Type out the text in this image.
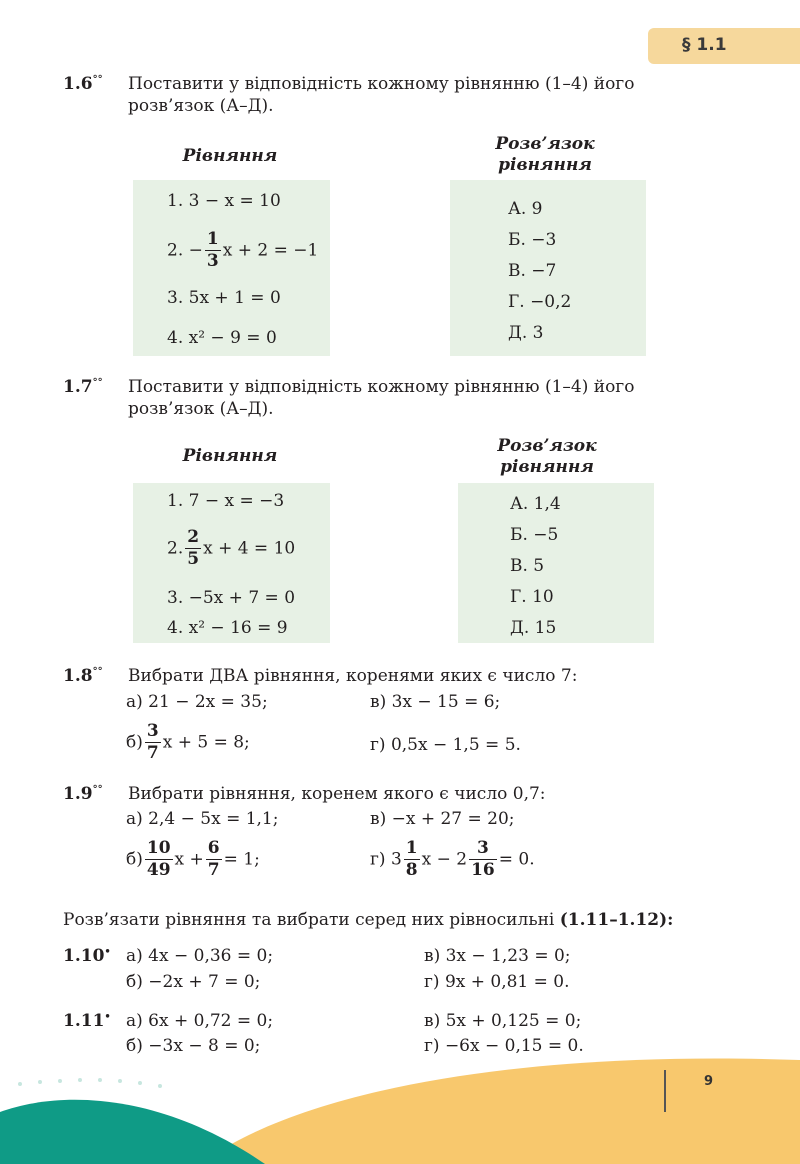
§ 1.1
1.6°° Поставити у відповідність кожному рівнянню (1–4) його
розв’язок (А–Д).
Рівняння
Розв’язок
рівняння
1. 3 − x = 10
2. − $\frac{1}{3}$ x + 2 = −1
3. 5x + 1 = 0
4. x² − 9 = 0
А. 9
Б. −3
В. −7
Г. −0,2
Д. 3
1.7°° Поставити у відповідність кожному рівнянню (1–4) його
розв’язок (А–Д).
Рівняння	Розв’язок
рівняння
1. 7 − x = −3
2. $\frac{2}{5}$ x + 4 = 10
3. −5x + 7 = 0
4. x² − 16 = 9
А. 1,4
Б. −5
В. 5
Г. 10
Д. 15
1.8°° Вибрати ДВА рівняння, коренями яких є число 7:
а) 21 − 2x = 35;	в) 3x − 15 = 6;
$б) \frac{3}{7}$ x + 5 = 8;	г) 0,5x − 1,5 = 5.
1.9°° Вибрати рівняння, коренем якого є число 0,7:
а) 2,4 − 5x = 1,1;	в) −x + 27 = 20;
$б) \frac{10}{49}$ $x + \frac{6}{7} = 1$;	г) $3 \frac{1}{8}$ $x - 2 \frac{3}{16} = 0$.
Розв’язати рівняння та вибрати серед них рівносильні (1.11–1.12):
1.10• а) 4x − 0,36 = 0;	в) 3x − 1,23 = 0;
б) −2x + 7 = 0;	г) 9x + 0,81 = 0.
1.11• а) 6x + 0,72 = 0;	в) 5x + 0,125 = 0;
б) −3x − 8 = 0;	г) −6x − 0,15 = 0.
9
